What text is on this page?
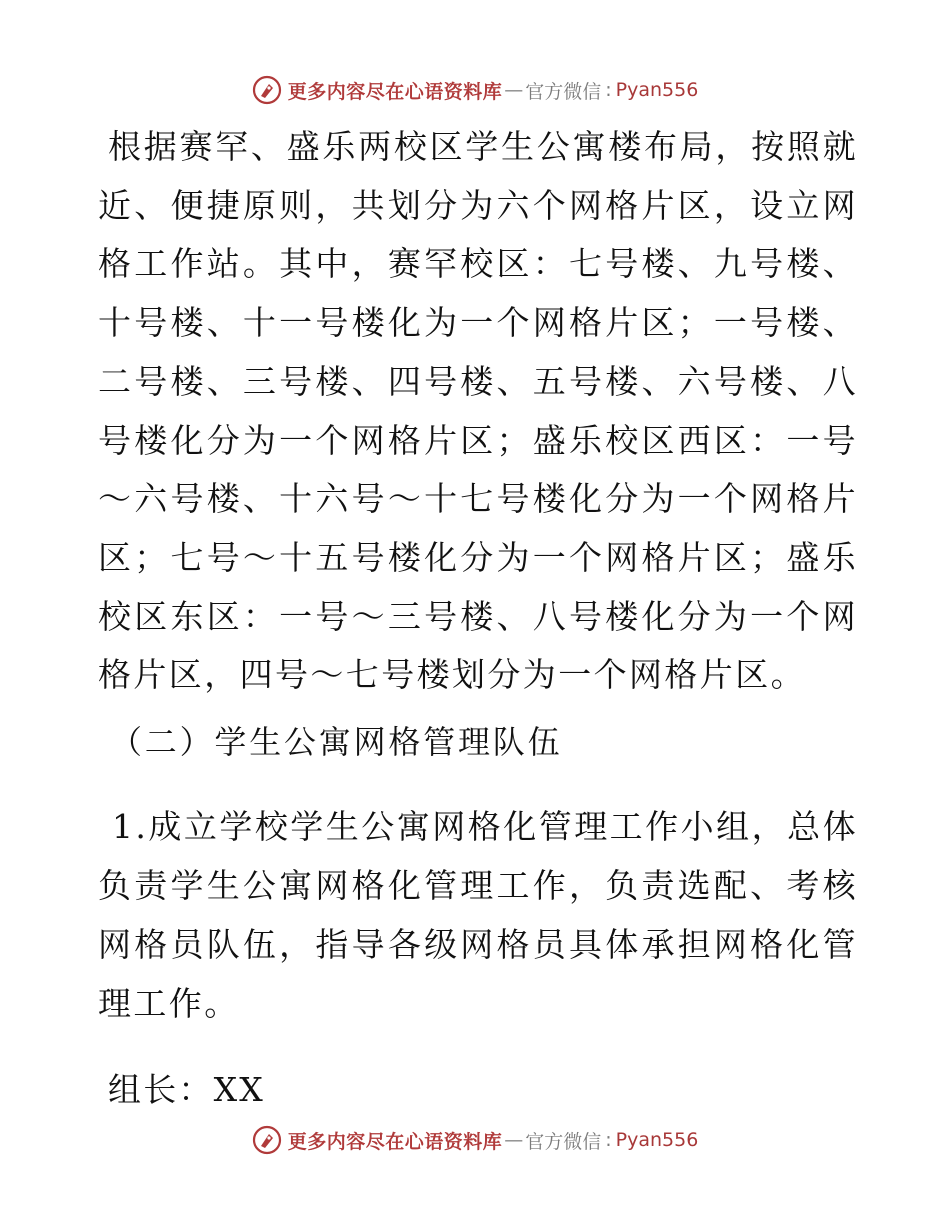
更多内容尽在心语资料库 — 官方微信 : Pyan556

根据赛罕、盛乐两校区学生公寓楼布局，按照就近、便捷原则，共划分为六个网格片区，设立网格工作站。其中，赛罕校区：七号楼、九号楼、十号楼、十一号楼化为一个网格片区；一号楼、二号楼、三号楼、四号楼、五号楼、六号楼、八号楼化分为一个网格片区；盛乐校区西区：一号～六号楼、十六号～十七号楼化分为一个网格片区；七号～十五号楼化分为一个网格片区；盛乐校区东区：一号～三号楼、八号楼化分为一个网格片区，四号～七号楼划分为一个网格片区。

（二）学生公寓网格管理队伍

1.成立学校学生公寓网格化管理工作小组，总体负责学生公寓网格化管理工作，负责选配、考核网格员队伍，指导各级网格员具体承担网格化管理工作。

组长：XX

更多内容尽在心语资料库 — 官方微信 : Pyan556
